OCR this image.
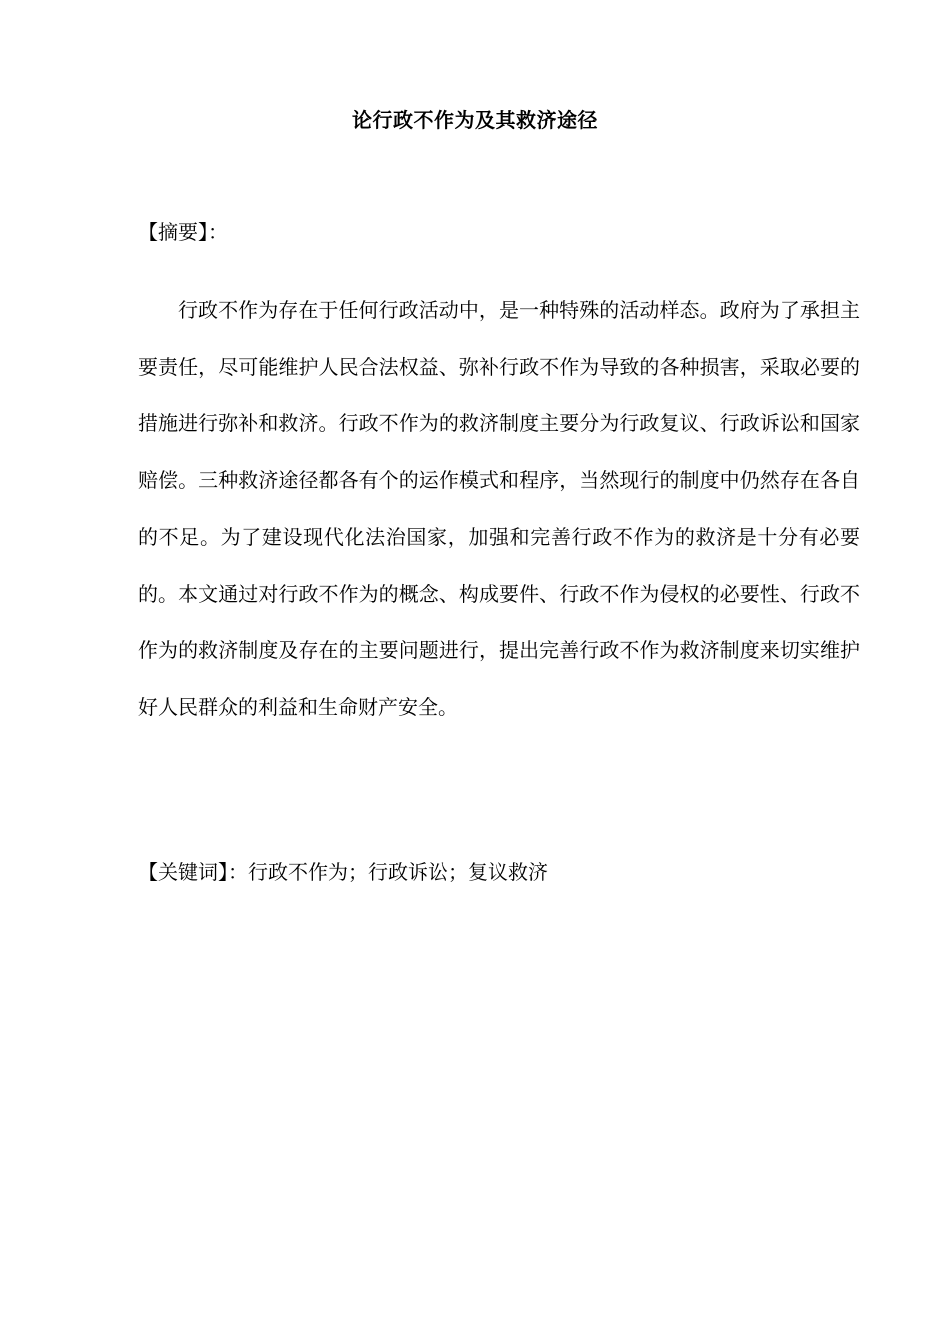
论行政不作为及其救济途径
【摘要】：

行政不作为存在于任何行政活动中，是一种特殊的活动样态。政府为了承担主要责任，尽可能维护人民合法权益、弥补行政不作为导致的各种损害，采取必要的措施进行弥补和救济。行政不作为的救济制度主要分为行政复议、行政诉讼和国家赔偿。三种救济途径都各有个的运作模式和程序，当然现行的制度中仍然存在各自的不足。为了建设现代化法治国家，加强和完善行政不作为的救济是十分有必要的。本文通过对行政不作为的概念、构成要件、行政不作为侵权的必要性、行政不作为的救济制度及存在的主要问题进行，提出完善行政不作为救济制度来切实维护好人民群众的利益和生命财产安全。

【关键词】：行政不作为；行政诉讼；复议救济
